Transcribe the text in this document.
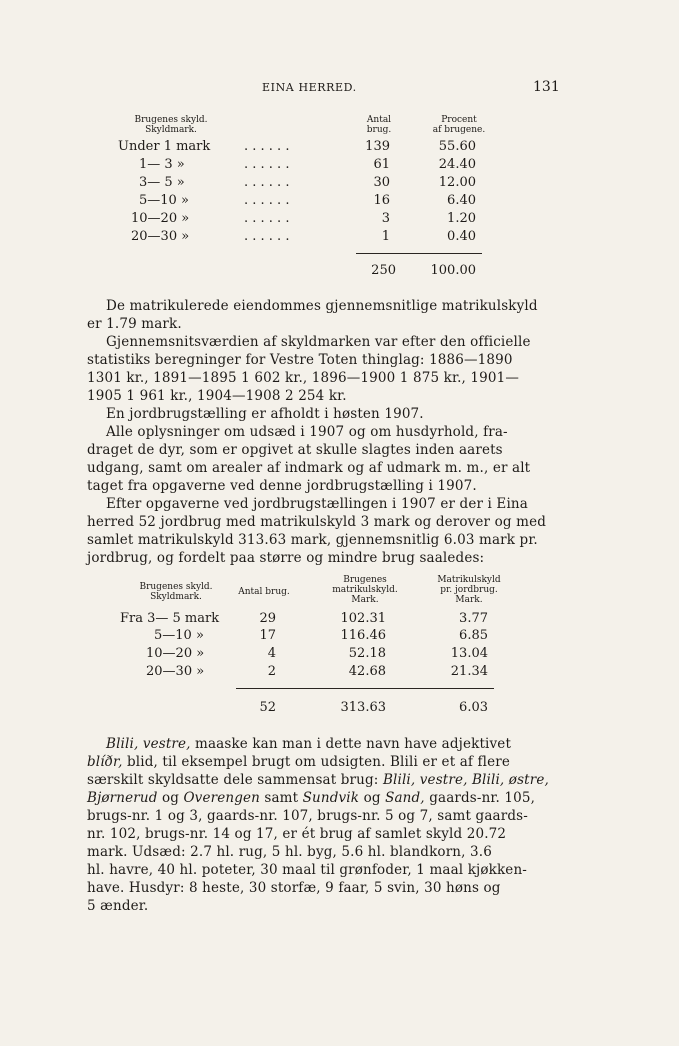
EINA HERRED.	131
Brugenes skyld.
Skyldmark.
Antal
brug.
Procent
af brugene.
Under 1 mark	. . . . . .	139	55.60
1— 3 »	. . . . . .	61	24.40
3— 5 »	. . . . . .	30	12.00
5—10 »	. . . . . .	16	6.40
10—20 »	. . . . . .	3	1.20
20—30 »	. . . . . .	1	0.40
250	100.00
De matrikulerede eiendommes gjennemsnitlige matrikulskyld
er 1.79 mark.
Gjennemsnitsværdien af skyldmarken var efter den officielle
statistiks beregninger for Vestre Toten thinglag: 1886—1890
1301 kr., 1891—1895 1 602 kr., 1896—1900 1 875 kr., 1901—
1905 1 961 kr., 1904—1908 2 254 kr.
En jordbrugstælling er afholdt i høsten 1907.
Alle oplysninger om udsæd i 1907 og om husdyrhold, fra-
draget de dyr, som er opgivet at skulle slagtes inden aarets
udgang, samt om arealer af indmark og af udmark m. m., er alt
taget fra opgaverne ved denne jordbrugstælling i 1907.
Efter opgaverne ved jordbrugstællingen i 1907 er der i Eina
herred 52 jordbrug med matrikulskyld 3 mark og derover og med
samlet matrikulskyld 313.63 mark, gjennemsnitlig 6.03 mark pr.
jordbrug, og fordelt paa større og mindre brug saaledes:
Brugenes skyld.
Skyldmark.	Antal brug.
Brugenes
matrikulskyld.
Mark.
Matrikulskyld
pr. jordbrug.
Mark.
Fra 3— 5 mark	29	102.31	3.77
5—10 »	17	116.46	6.85
10—20 »	4	52.18	13.04
20—30 »	2	42.68	21.34
52	313.63	6.03
Blili, vestre, maaske kan man i dette navn have adjektivet
blíðr, blid, til eksempel brugt om udsigten. Blili er et af flere
særskilt skyldsatte dele sammensat brug: Blili, vestre, Blili, østre,
Bjørnerud og Overengen samt Sundvik og Sand, gaards-nr. 105,
brugs-nr. 1 og 3, gaards-nr. 107, brugs-nr. 5 og 7, samt gaards-
nr. 102, brugs-nr. 14 og 17, er ét brug af samlet skyld 20.72
mark. Udsæd: 2.7 hl. rug, 5 hl. byg, 5.6 hl. blandkorn, 3.6
hl. havre, 40 hl. poteter, 30 maal til grønfoder, 1 maal kjøkken-
have. Husdyr: 8 heste, 30 storfæ, 9 faar, 5 svin, 30 høns og
5 ænder.
